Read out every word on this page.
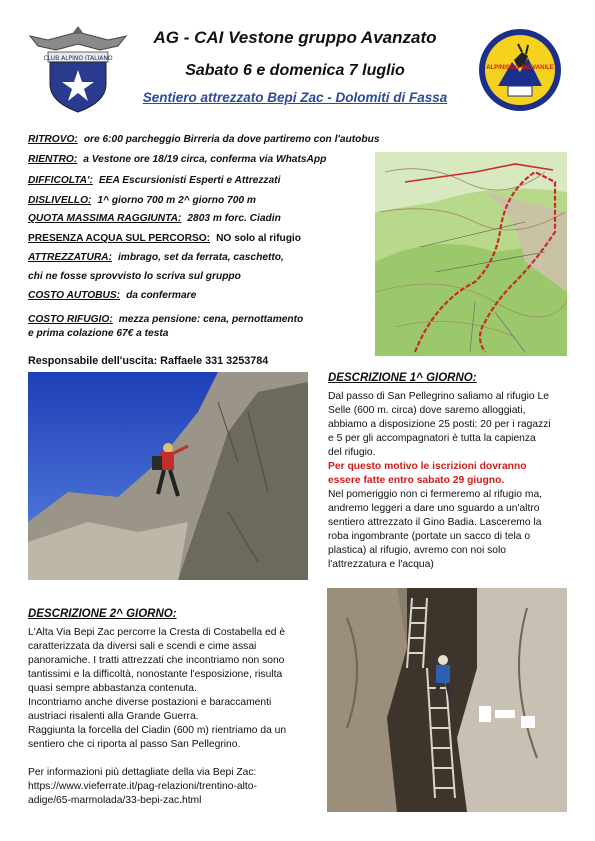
CLUB ALPINO ITALIANO
ALPINISMO GIOVANILE
AG - CAI Vestone gruppo Avanzato
Sabato 6 e domenica 7 luglio
Sentiero attrezzato Bepi Zac - Dolomiti di Fassa
RITROVO: ore 6:00 parcheggio Birreria da dove partiremo con l'autobus
RIENTRO: a Vestone ore 18/19 circa, conferma via WhatsApp
DIFFICOLTA': EEA Escursionisti Esperti e Attrezzati
DISLIVELLO: 1^ giorno 700 m 2^ giorno 700 m
QUOTA MASSIMA RAGGIUNTA: 2803 m forc. Ciadin
PRESENZA ACQUA SUL PERCORSO: NO solo al rifugio
ATTREZZATURA: imbrago, set da ferrata, caschetto,
chi ne fosse sprovvisto lo scriva sul gruppo
COSTO AUTOBUS: da confermare
COSTO RIFUGIO: mezza pensione: cena, pernottamento
e prima colazione 67€ a testa
Responsabile dell'uscita: Raffaele 331 3253784
DESCRIZIONE 1^ GIORNO:
Dal passo di San Pellegrino saliamo al rifugio Le
Selle (600 m. circa) dove saremo alloggiati,
abbiamo a disposizione 25 posti: 20 per i ragazzi
e 5 per gli accompagnatori è tutta la capienza
del rifugio.
Per questo motivo le iscrizioni dovranno
essere fatte entro sabato 29 giugno.
Nel pomeriggio non ci fermeremo al rifugio ma,
andremo leggeri a dare uno sguardo a un'altro
sentiero attrezzato il Gino Badia. Lasceremo la
roba ingombrante (portate un sacco di tela o
plastica) al rifugio, avremo con noi solo
l'attrezzatura e l'acqua)
DESCRIZIONE 2^ GIORNO:
L'Alta Via Bepi Zac percorre la Cresta di Costabella ed è
caratterizzata da diversi sali e scendi e cime assai
panoramiche. I tratti attrezzati che incontriamo non sono
tantissimi e la difficoltà, nonostante l'esposizione, risulta
quasi sempre abbastanza contenuta.
Incontriamo anche diverse postazioni e baraccamenti
austriaci risalenti alla Grande Guerra.
Raggiunta la forcella del Ciadin (600 m) rientriamo da un
sentiero che ci riporta al passo San Pellegrino.
Per informazioni più dettagliate della via Bepi Zac:
https://www.vieferrate.it/pag-relazioni/trentino-alto-
adige/65-marmolada/33-bepi-zac.html
